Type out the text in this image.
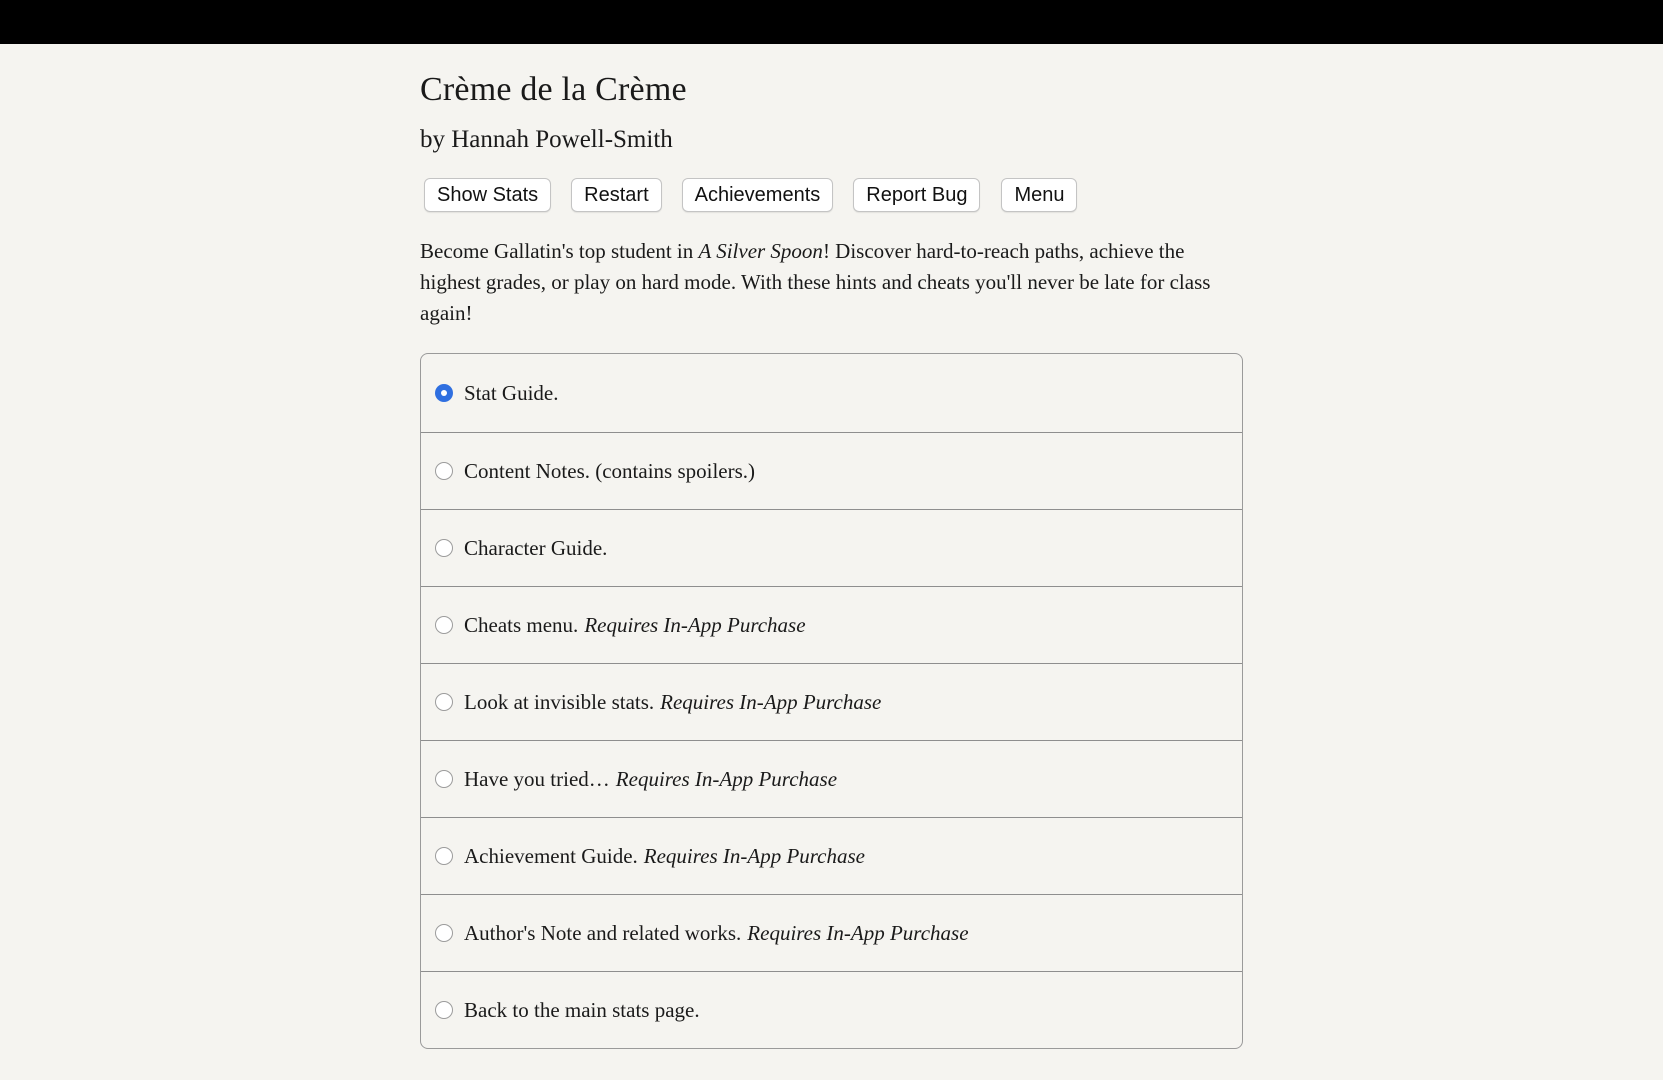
Crème de la Crème
by Hannah Powell-Smith
Show Stats	Restart	Achievements	Report Bug	Menu

Become Gallatin's top student in A Silver Spoon! Discover hard-to-reach paths, achieve the highest grades, or play on hard mode. With these hints and cheats you'll never be late for class again!

Stat Guide.
Content Notes. (contains spoilers.)
Character Guide.
Cheats menu. Requires In-App Purchase
Look at invisible stats. Requires In-App Purchase
Have you tried… Requires In-App Purchase
Achievement Guide. Requires In-App Purchase
Author's Note and related works. Requires In-App Purchase
Back to the main stats page.
